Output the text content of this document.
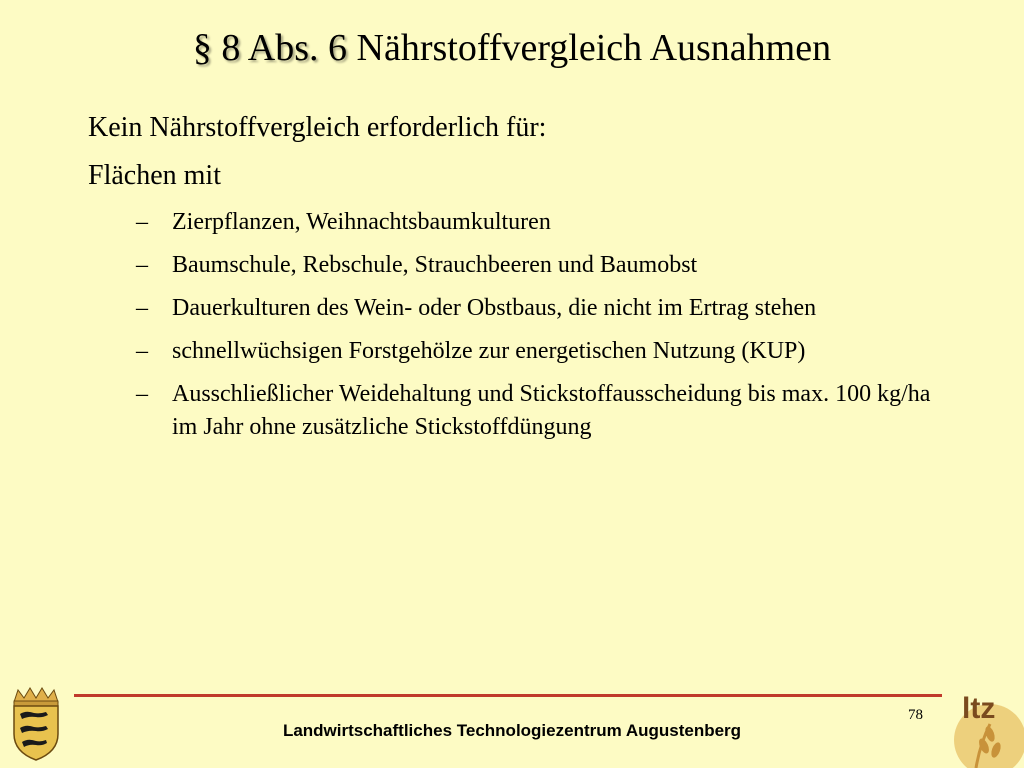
§ 8 Abs. 6 Nährstoffvergleich Ausnahmen
Kein Nährstoffvergleich erforderlich für:
Flächen mit
– Zierpflanzen, Weihnachtsbaumkulturen
– Baumschule, Rebschule, Strauchbeeren und Baumobst
– Dauerkulturen des Wein- oder Obstbaus, die nicht im Ertrag stehen
– schnellwüchsigen Forstgehölze zur energetischen Nutzung (KUP)
– Ausschließlicher Weidehaltung und Stickstoffausscheidung bis max. 100 kg/ha im Jahr ohne zusätzliche Stickstoffdüngung
78
Landwirtschaftliches Technologiezentrum Augustenberg
ltz
